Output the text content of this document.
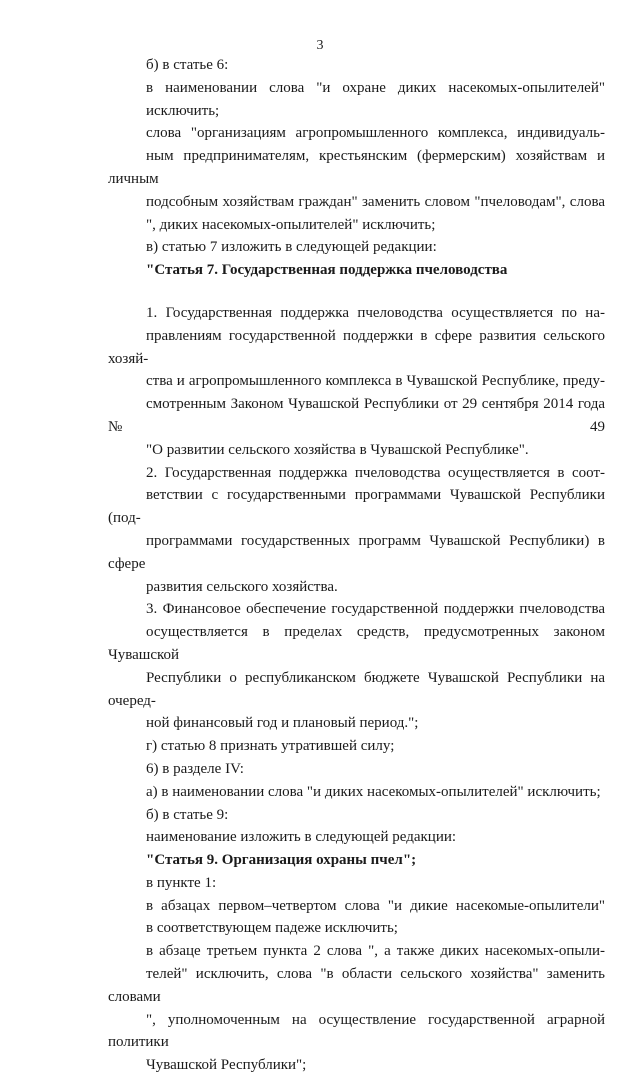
3

б) в статье 6:

в наименовании слова "и охране диких насекомых-опылителей"
исключить;

слова "организациям агропромышленного комплекса, индивидуаль-
ным предпринимателям, крестьянским (фермерским) хозяйствам и личным
подсобным хозяйствам граждан" заменить словом "пчеловодам", слова
", диких насекомых-опылителей" исключить;

в) статью 7 изложить в следующей редакции:

"Статья 7. Государственная поддержка пчеловодства

1. Государственная поддержка пчеловодства осуществляется по на-
правлениям государственной поддержки в сфере развития сельского хозяй-
ства и агропромышленного комплекса в Чувашской Республике, преду-
смотренным Законом Чувашской Республики от 29 сентября 2014 года № 49
"О развитии сельского хозяйства в Чувашской Республике".

2. Государственная поддержка пчеловодства осуществляется в соот-
ветствии с государственными программами Чувашской Республики (под-
программами государственных программ Чувашской Республики) в сфере
развития сельского хозяйства.

3. Финансовое обеспечение государственной поддержки пчеловодства
осуществляется в пределах средств, предусмотренных законом Чувашской
Республики о республиканском бюджете Чувашской Республики на очеред-
ной финансовый год и плановый период.";

г) статью 8 признать утратившей силу;

6) в разделе IV:

а) в наименовании слова "и диких насекомых-опылителей" исключить;

б) в статье 9:

наименование изложить в следующей редакции:

"Статья 9. Организация охраны пчел";

в пункте 1:

в абзацах первом–четвертом слова "и дикие насекомые-опылители"
в соответствующем падеже исключить;

в абзаце третьем пункта 2 слова ", а также диких насекомых-опыли-
телей" исключить, слова "в области сельского хозяйства" заменить словами
", уполномоченным на осуществление государственной аграрной политики
Чувашской Республики";
